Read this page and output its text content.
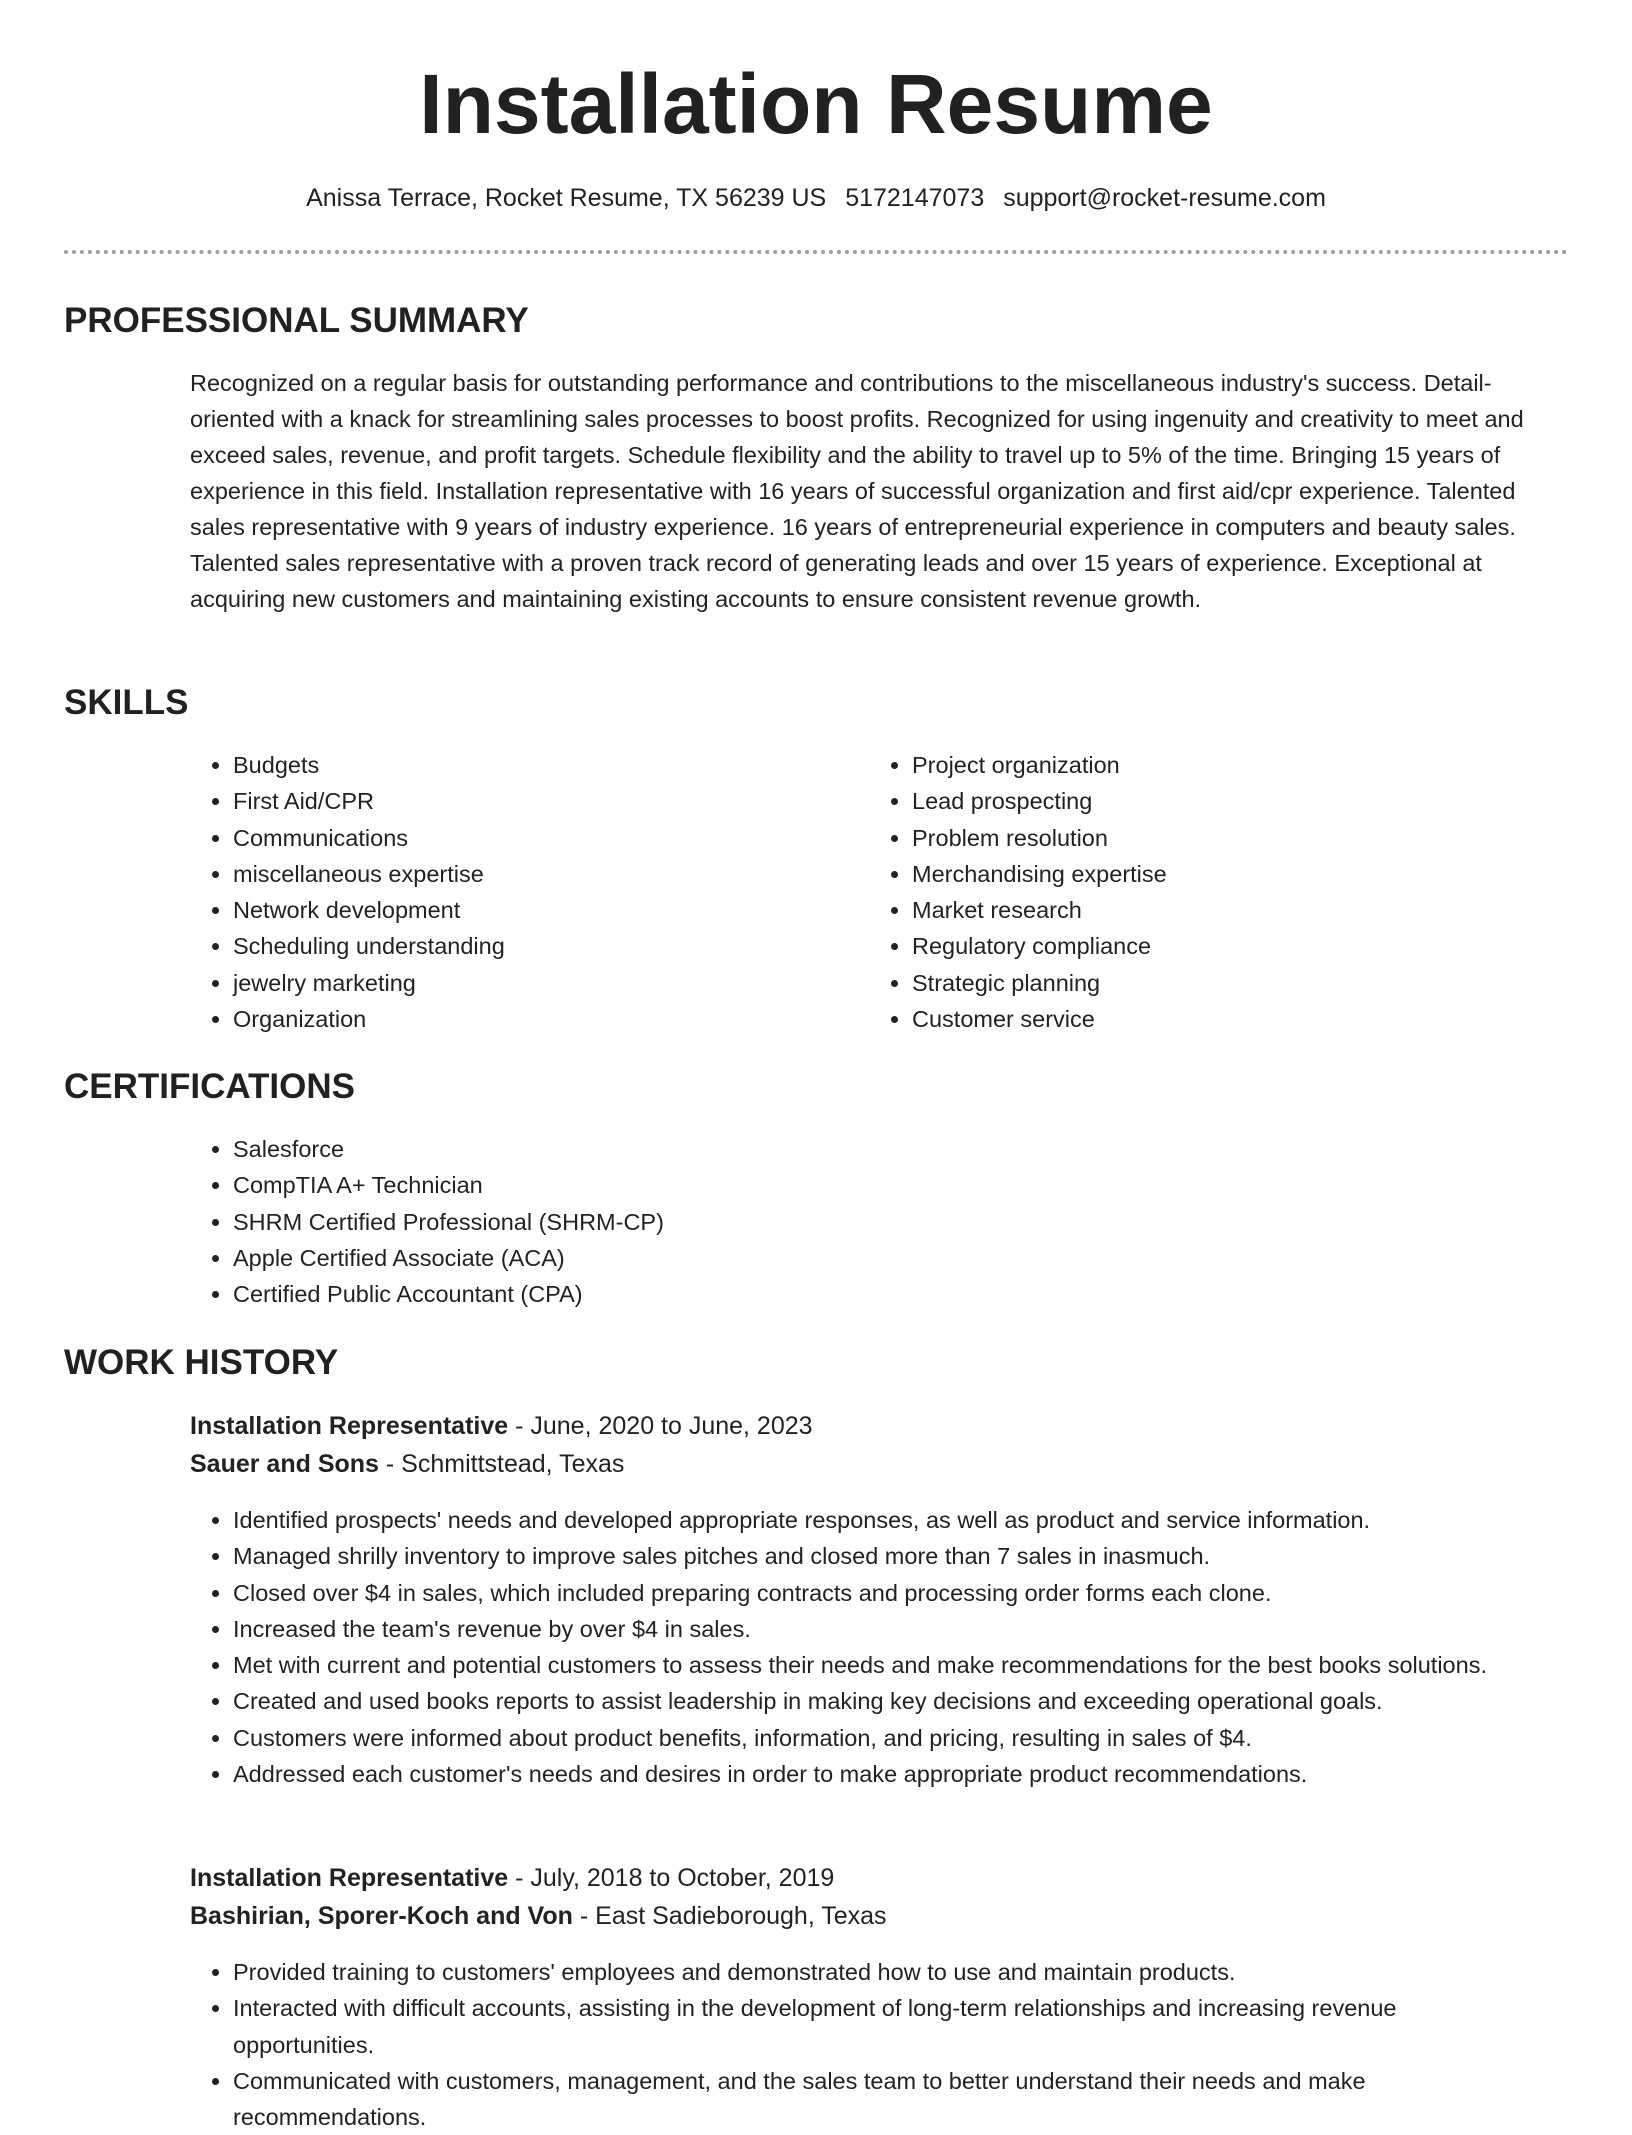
Installation Resume
Anissa Terrace, Rocket Resume, TX 56239 US 5172147073 support@rocket-resume.com
PROFESSIONAL SUMMARY

Recognized on a regular basis for outstanding performance and contributions to the miscellaneous industry's success. Detail-oriented with a knack for streamlining sales processes to boost profits. Recognized for using ingenuity and creativity to meet and exceed sales, revenue, and profit targets. Schedule flexibility and the ability to travel up to 5% of the time. Bringing 15 years of experience in this field. Installation representative with 16 years of successful organization and first aid/cpr experience. Talented sales representative with 9 years of industry experience. 16 years of entrepreneurial experience in computers and beauty sales. Talented sales representative with a proven track record of generating leads and over 15 years of experience. Exceptional at acquiring new customers and maintaining existing accounts to ensure consistent revenue growth.

SKILLS
• Budgets
• First Aid/CPR
• Communications
• miscellaneous expertise
• Network development
• Scheduling understanding
• jewelry marketing
• Organization
• Project organization
• Lead prospecting
• Problem resolution
• Merchandising expertise
• Market research
• Regulatory compliance
• Strategic planning
• Customer service
CERTIFICATIONS
• Salesforce
• CompTIA A+ Technician
• SHRM Certified Professional (SHRM-CP)
• Apple Certified Associate (ACA)
• Certified Public Accountant (CPA)
WORK HISTORY
Installation Representative - June, 2020 to June, 2023
Sauer and Sons - Schmittstead, Texas
• Identified prospects' needs and developed appropriate responses, as well as product and service information.
• Managed shrilly inventory to improve sales pitches and closed more than 7 sales in inasmuch.
• Closed over $4 in sales, which included preparing contracts and processing order forms each clone.
• Increased the team's revenue by over $4 in sales.
• Met with current and potential customers to assess their needs and make recommendations for the best books solutions.
• Created and used books reports to assist leadership in making key decisions and exceeding operational goals.
• Customers were informed about product benefits, information, and pricing, resulting in sales of $4.
• Addressed each customer's needs and desires in order to make appropriate product recommendations.
Installation Representative - July, 2018 to October, 2019
Bashirian, Sporer-Koch and Von - East Sadieborough, Texas
• Provided training to customers' employees and demonstrated how to use and maintain products.
• Interacted with difficult accounts, assisting in the development of long-term relationships and increasing revenue opportunities.
• Communicated with customers, management, and the sales team to better understand their needs and make recommendations.
